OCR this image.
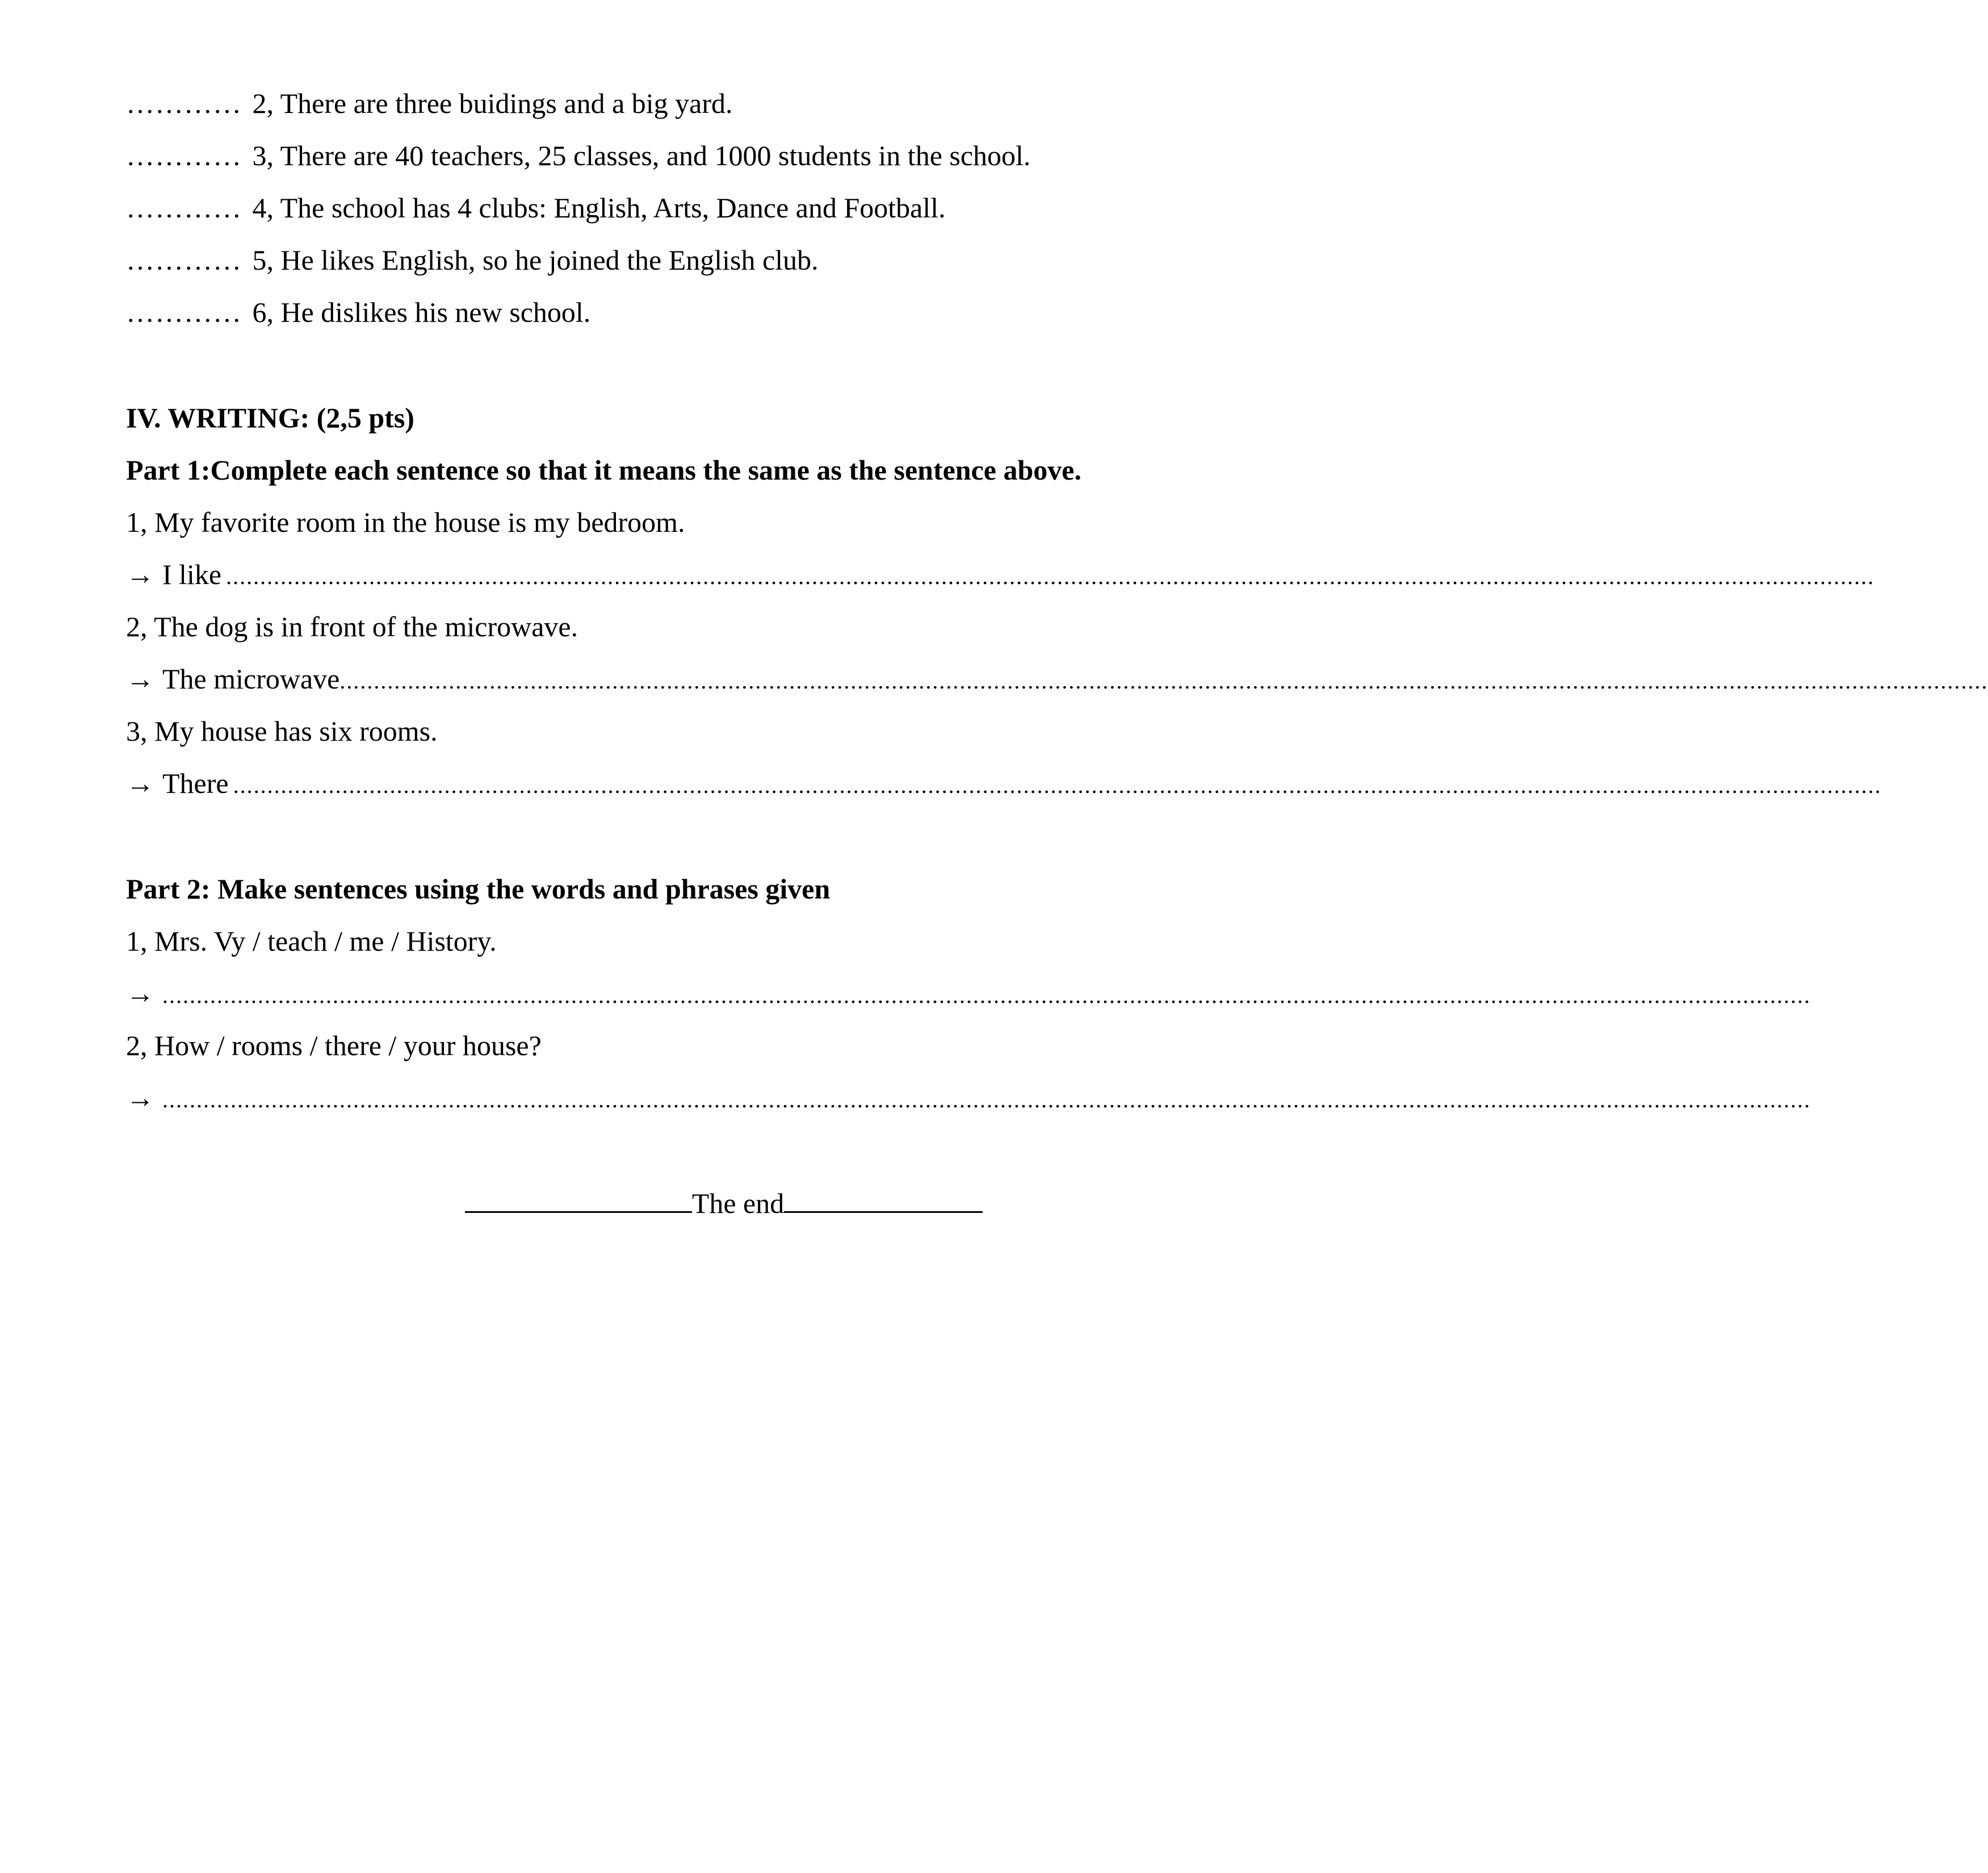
………… 2, There are three buidings and a big yard.
………… 3, There are 40 teachers, 25 classes, and 1000 students in the school.
………… 4, The school has 4 clubs: English, Arts, Dance and Football.
………… 5, He likes English, so he joined the English club.
………… 6, He dislikes his new school.
IV. WRITING: (2,5 pts)
Part 1:Complete each sentence so that it means the same as the sentence above.
1, My favorite room in the house is my bedroom.
→ I like ..................................................................................................................................................................................................................................................
2, The dog is in front of the microwave.
→ The microwave ..................................................................................................................................................................................................................................................
3, My house has six rooms.
→ There ..................................................................................................................................................................................................................................................
Part 2: Make sentences using the words and phrases given
1, Mrs. Vy / teach / me / History.
→ ..................................................................................................................................................................................................................................................
2, How / rooms / there / your house?
→ ..................................................................................................................................................................................................................................................
The end
